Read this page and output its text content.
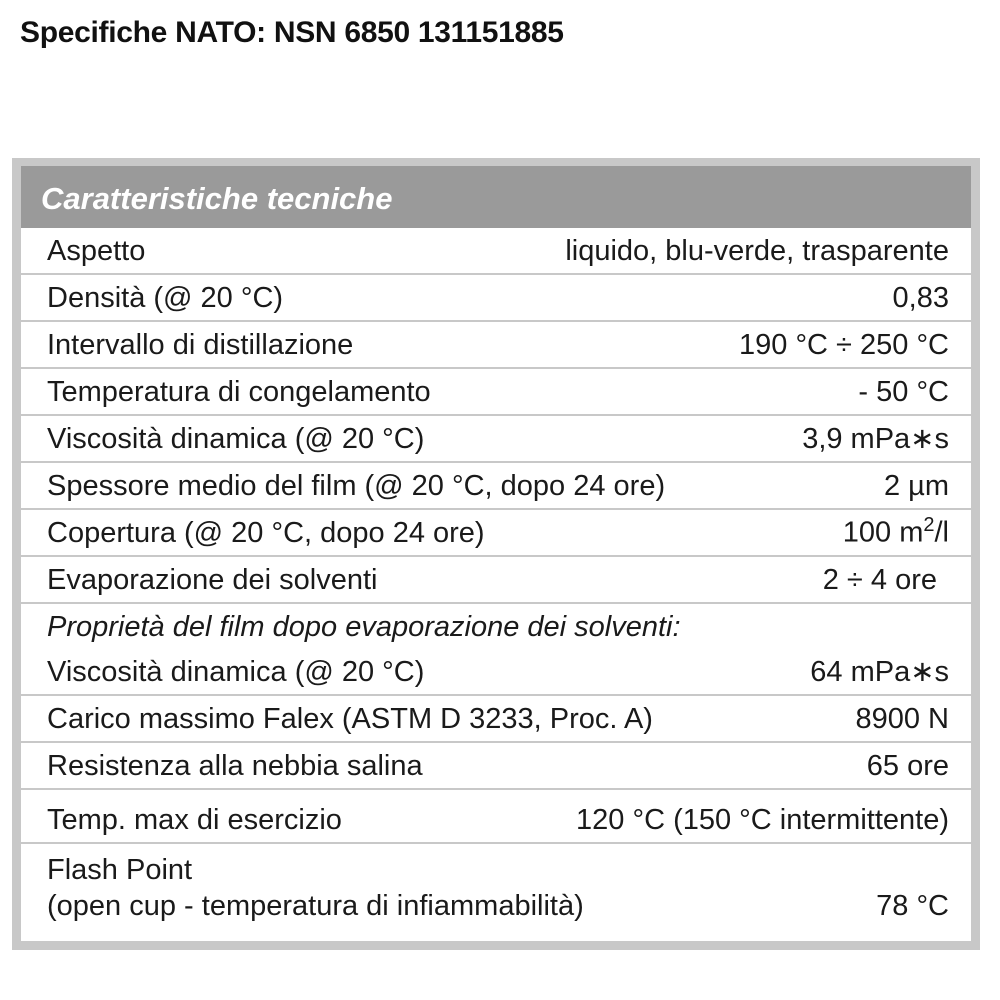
Specifiche NATO: NSN 6850 131151885
Caratteristiche tecniche
Aspetto	liquido, blu-verde, trasparente
Densità (@ 20 °C)	0,83
Intervallo di distillazione	190 °C ÷ 250 °C
Temperatura di congelamento	- 50 °C
Viscosità dinamica (@ 20 °C)	3,9 mPa∗s
Spessore medio del film (@ 20 °C, dopo 24 ore)	2 µm
Copertura (@ 20 °C, dopo 24 ore)	100 $m^2/l$
Evaporazione dei solventi	2 ÷ 4 ore
Proprietà del film dopo evaporazione dei solventi:
Viscosità dinamica (@ 20 °C)	64 mPa∗s
Carico massimo Falex (ASTM D 3233, Proc. A)	8900 N
Resistenza alla nebbia salina	65 ore
Temp. max di esercizio	120 °C (150 °C intermittente)
Flash Point
(open cup - temperatura di infiammabilità)	78 °C
